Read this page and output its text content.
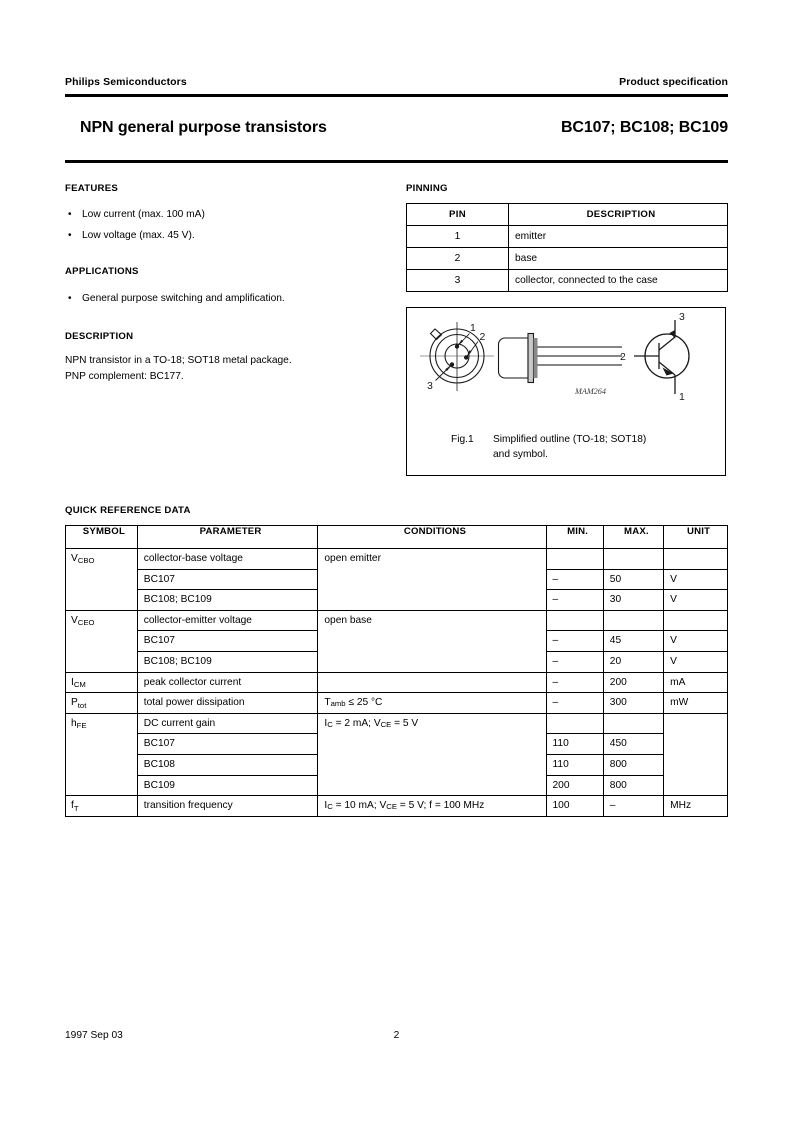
Philips Semiconductors	Product specification
NPN general purpose transistors	BC107; BC108; BC109
FEATURES
• Low current (max. 100 mA)
• Low voltage (max. 45 V).
APPLICATIONS
• General purpose switching and amplification.
DESCRIPTION
NPN transistor in a TO-18; SOT18 metal package.
PNP complement: BC177.
PINNING
PIN	DESCRIPTION
1	emitter
2	base
3	collector, connected to the case
1
2
3	MAM264
3
2
1
Fig.1	Simplified outline (TO-18; SOT18)
and symbol.
QUICK REFERENCE DATA
SYMBOL	PARAMETER	CONDITIONS	MIN.	MAX.	UNIT
$V_{CBO}$	collector-base voltage	open emitter			
	BC107		–	50	V
	BC108; BC109		–	30	V
$V_{CEO}$	collector-emitter voltage	open base			
	BC107		–	45	V
	BC108; BC109		–	20	V
$I_{CM}$	peak collector current		–	200	mA
$P_{tot}$	total power dissipation	$T_{amb} \le 25$ °C	–	300	mW
$h_{FE}$	DC current gain	$I_C = 2$ mA; $V_{CE} = 5$ V			
	BC107		110	450	
	BC108		110	800	
	BC109		200	800	
$f_T$	transition frequency	$I_C = 10$ mA; $V_{CE} = 5$ V; f = 100 MHz	100	–	MHz
1997 Sep 03	2
